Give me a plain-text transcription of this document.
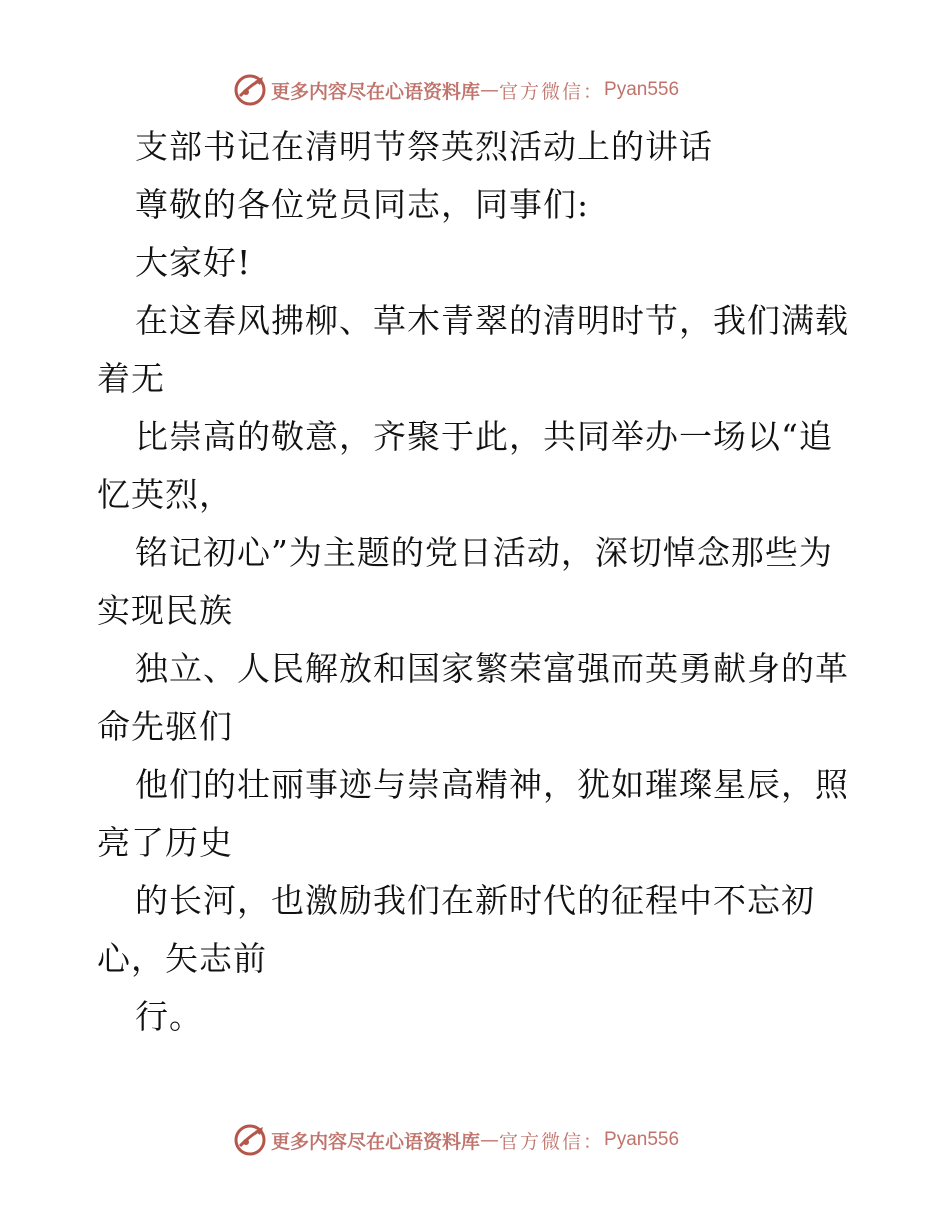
更多内容尽在心语资料库 — 官方微信： Pyan556
支部书记在清明节祭英烈活动上的讲话
尊敬的各位党员同志，同事们:
大家好!
在这春风拂柳、草木青翠的清明时节，我们满载
着无
比崇高的敬意，齐聚于此，共同举办一场以“追
忆英烈，
铭记初心”为主题的党日活动，深切悼念那些为
实现民族
独立、人民解放和国家繁荣富强而英勇献身的革
命先驱们
他们的壮丽事迹与崇高精神，犹如璀璨星辰，照
亮了历史
的长河，也激励我们在新时代的征程中不忘初
心，矢志前
行。
更多内容尽在心语资料库 — 官方微信： Pyan556
